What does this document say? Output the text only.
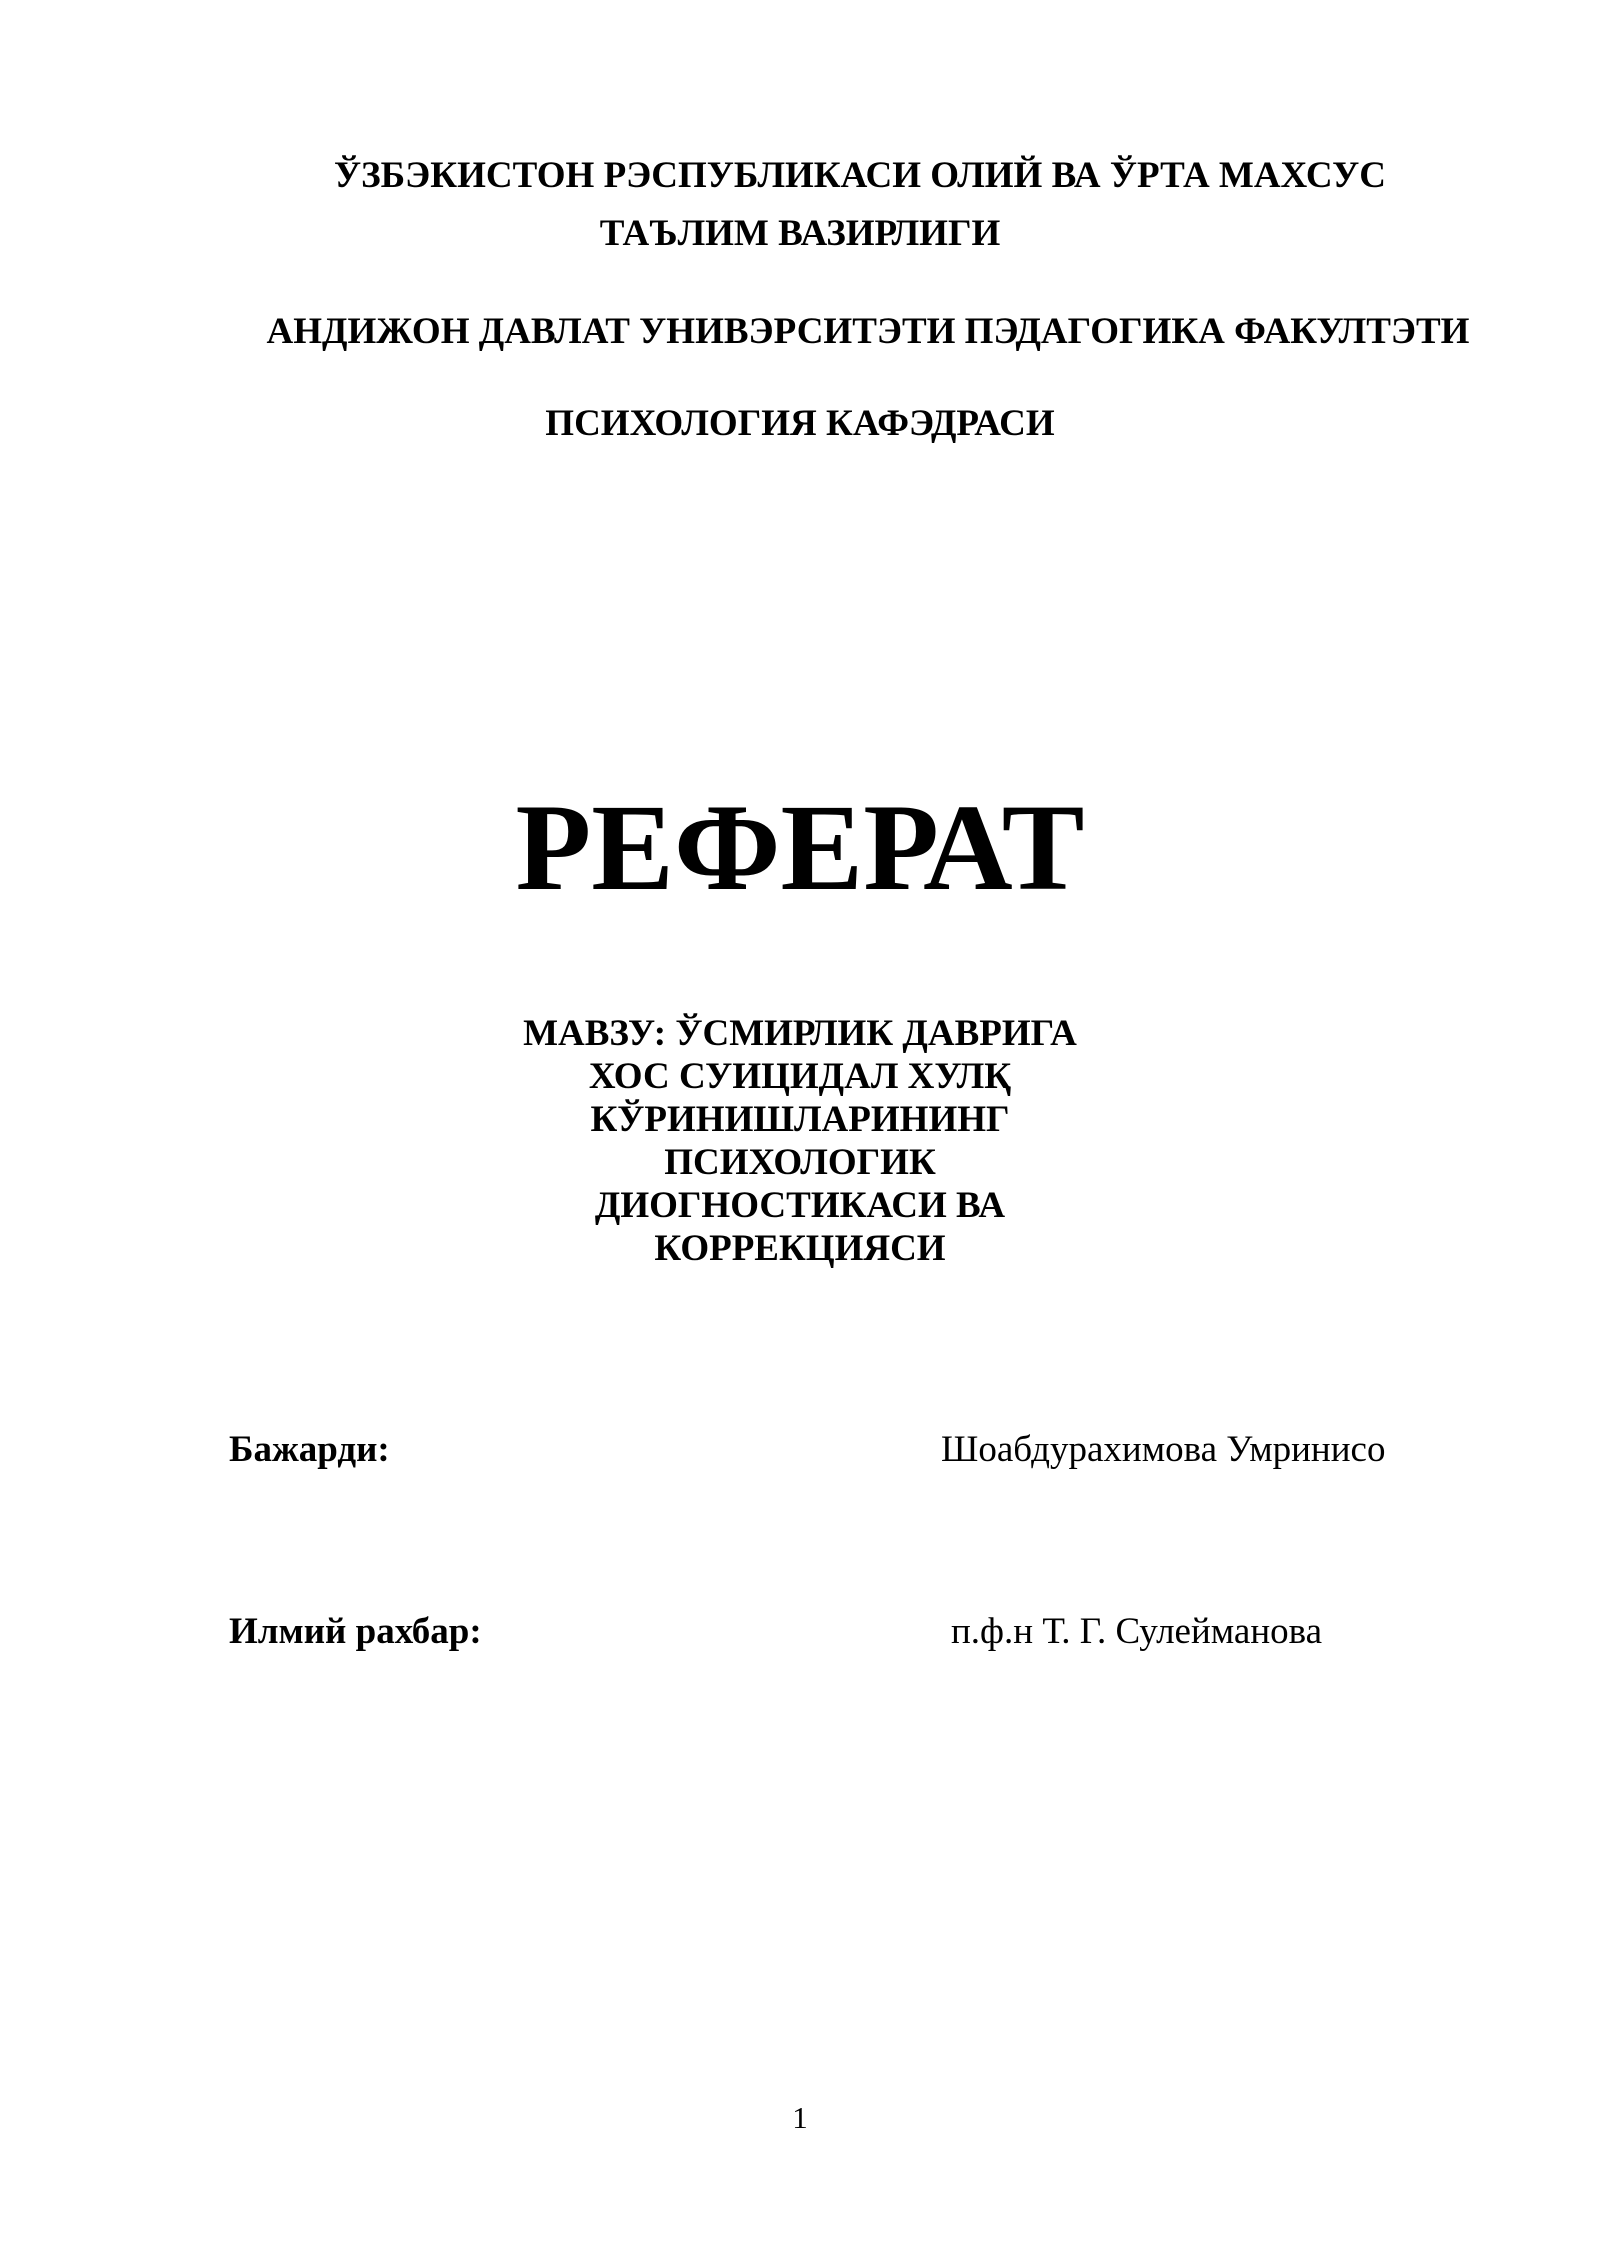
ЎЗБЭКИСТОН РЭСПУБЛИКАСИ ОЛИЙ ВА ЎРТА МАХСУС
ТАЪЛИМ ВАЗИРЛИГИ
АНДИЖОН ДАВЛАТ УНИВЭРСИТЭТИ ПЭДАГОГИКА ФАКУЛТЭТИ
ПСИХОЛОГИЯ КАФЭДРАСИ
РЕФЕРАТ
МАВЗУ: ЎСМИРЛИК ДАВРИГА
ХОС СУИЦИДАЛ ХУЛҚ
КЎРИНИШЛАРИНИНГ
ПСИХОЛОГИК
ДИОГНОСТИКАСИ ВА
КОРРЕКЦИЯСИ
Бажарди:	Шоабдурахимова Умринисо
Илмий рахбар:	п.ф.н Т. Г. Сулейманова
1
